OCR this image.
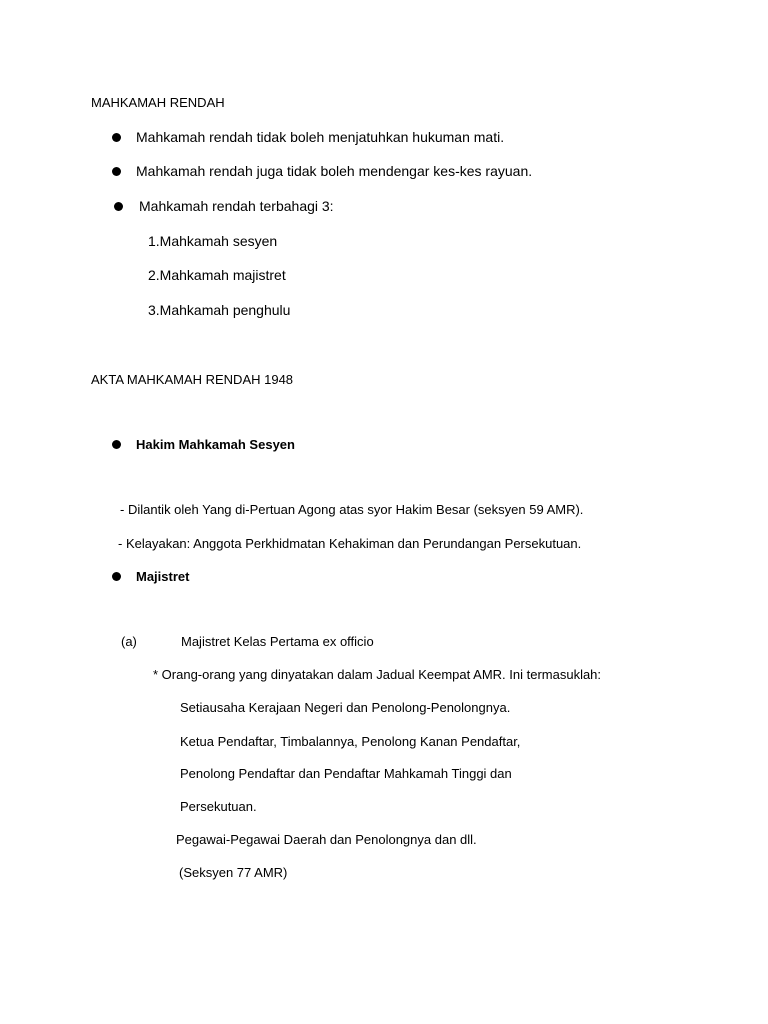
MAHKAMAH RENDAH

Mahkamah rendah tidak boleh menjatuhkan hukuman mati.

Mahkamah rendah juga tidak boleh mendengar kes-kes rayuan.

Mahkamah rendah terbahagi 3:

1.Mahkamah sesyen

2.Mahkamah majistret

3.Mahkamah penghulu

AKTA MAHKAMAH RENDAH 1948

Hakim Mahkamah Sesyen

- Dilantik oleh Yang di-Pertuan Agong atas syor Hakim Besar (seksyen 59 AMR).

- Kelayakan: Anggota Perkhidmatan Kehakiman dan Perundangan Persekutuan.

Majistret

(a)	Majistret Kelas Pertama ex officio

* Orang-orang yang dinyatakan dalam Jadual Keempat AMR. Ini termasuklah:

Setiausaha Kerajaan Negeri dan Penolong-Penolongnya.

Ketua Pendaftar, Timbalannya, Penolong Kanan Pendaftar,

Penolong Pendaftar dan Pendaftar Mahkamah Tinggi dan

Persekutuan.

Pegawai-Pegawai Daerah dan Penolongnya dan dll.

(Seksyen 77 AMR)
